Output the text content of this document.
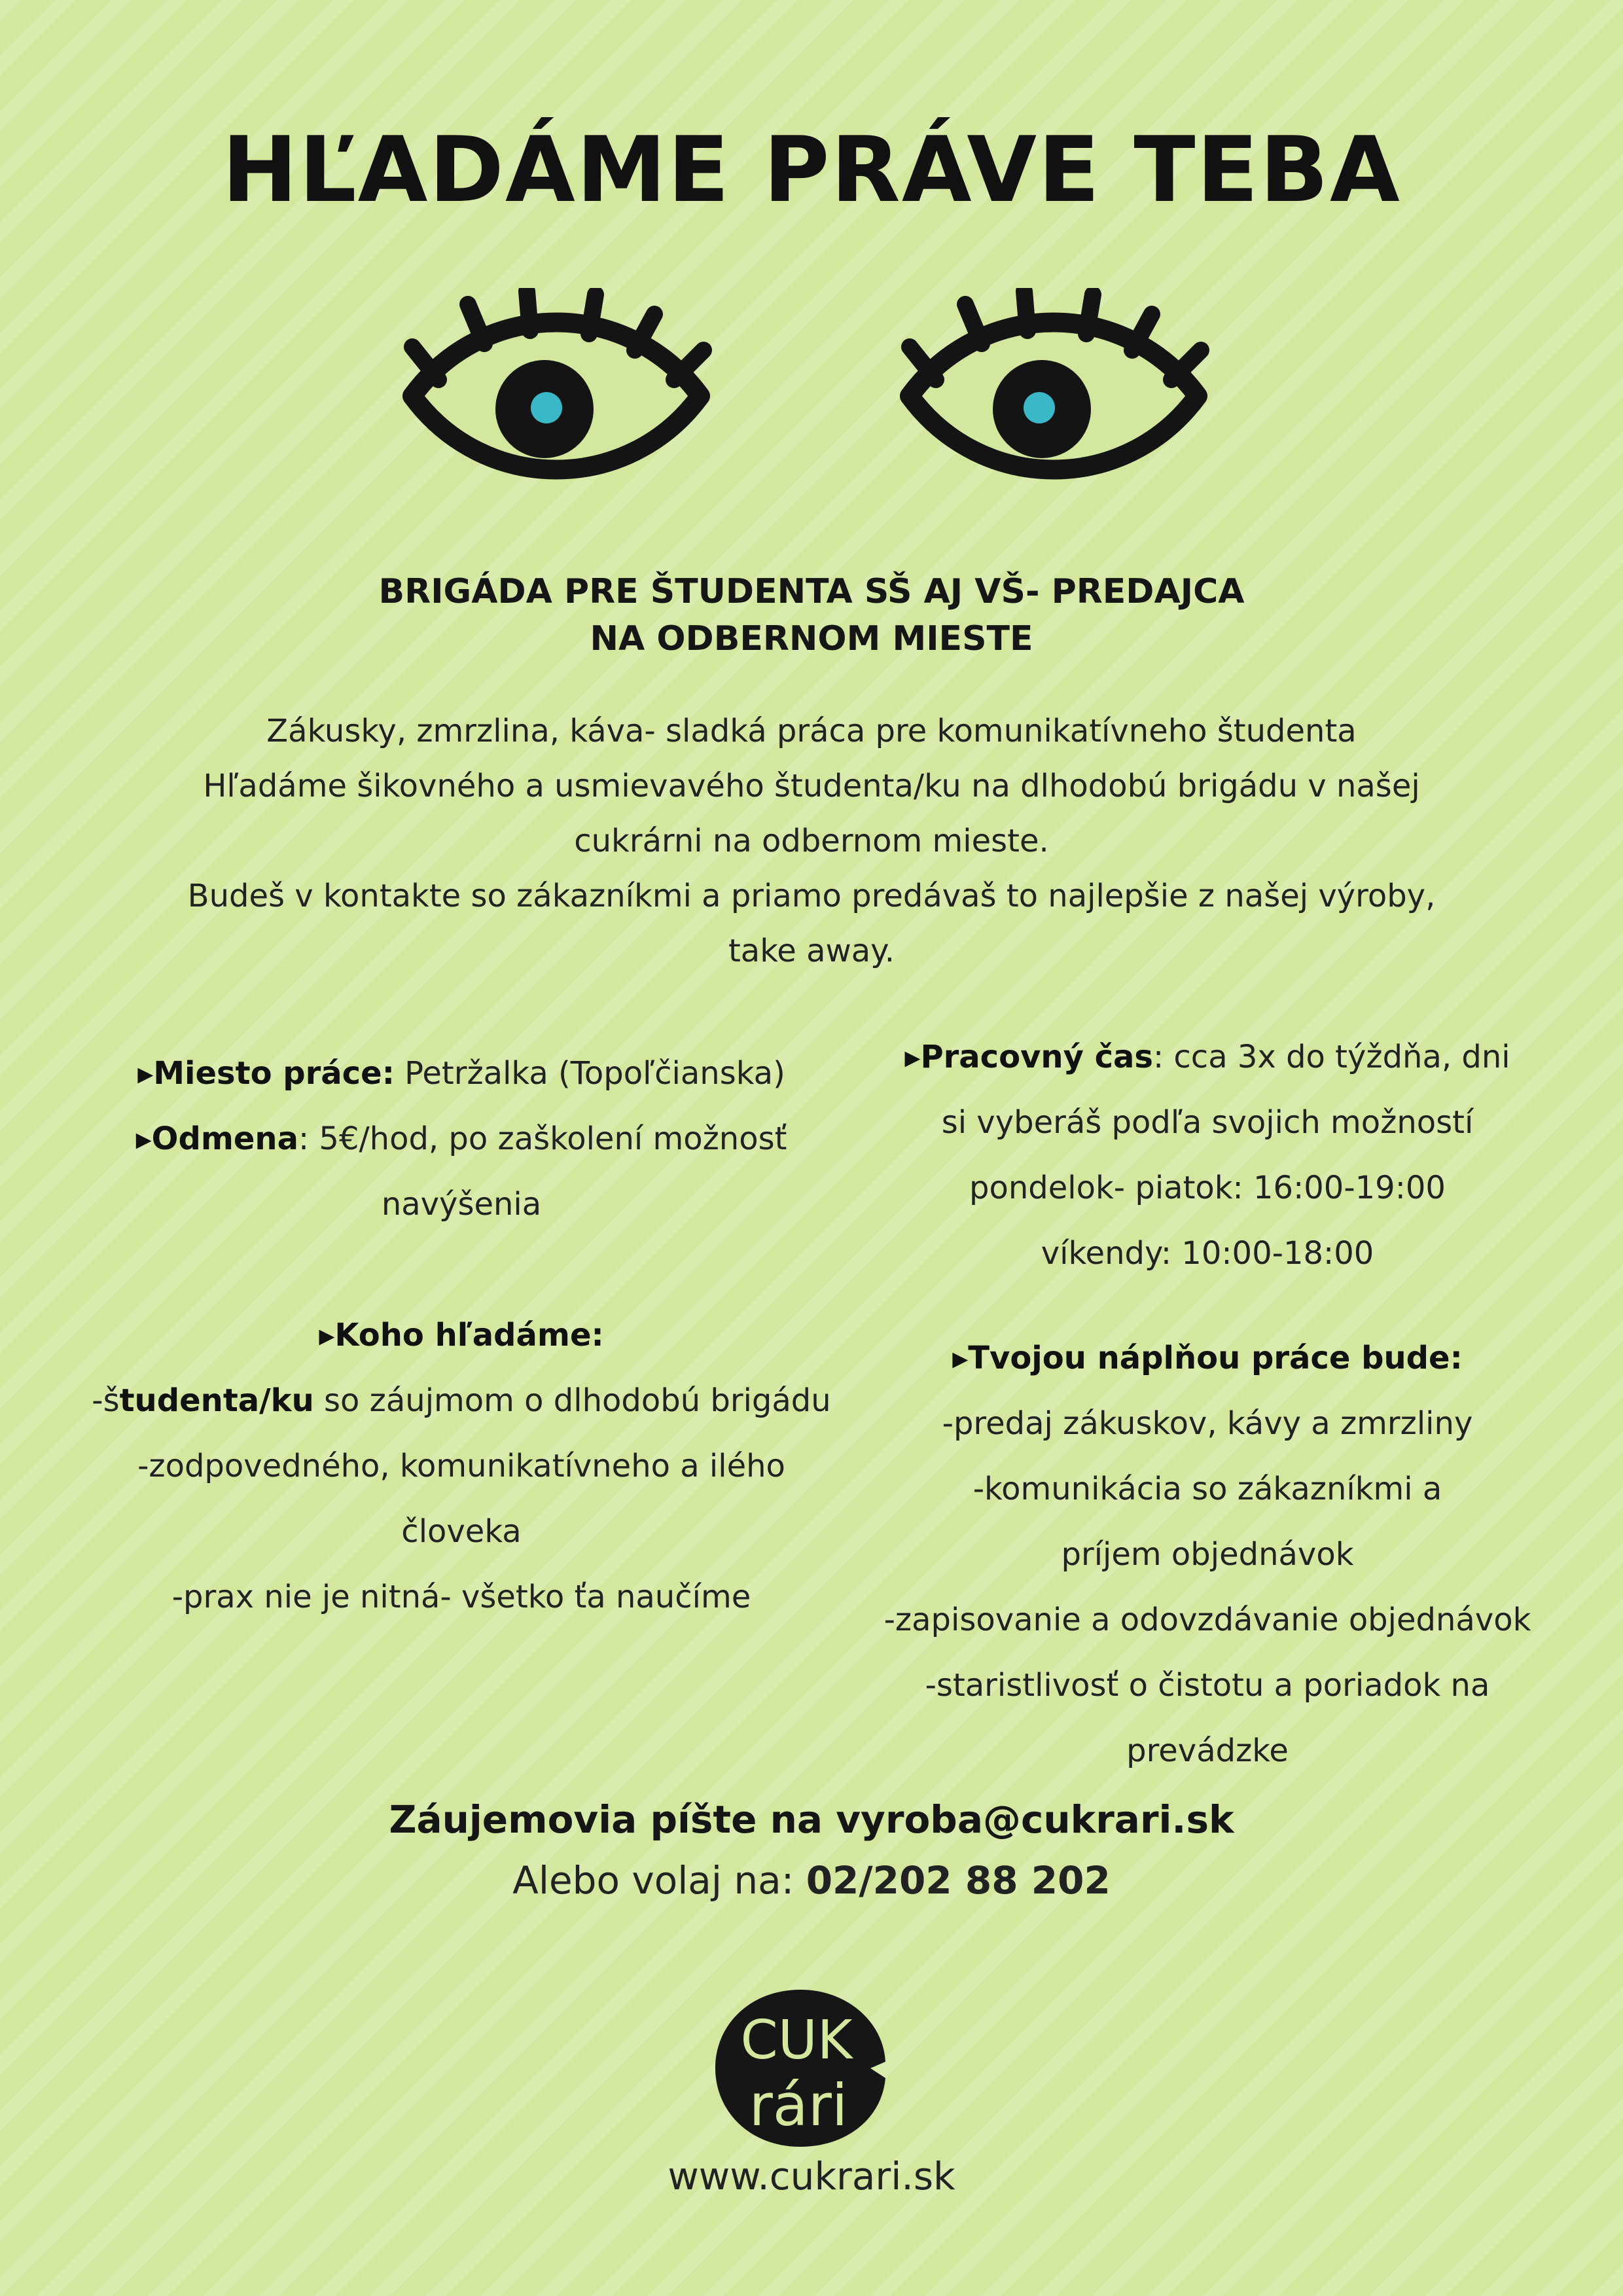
HĽADÁME PRÁVE TEBA
BRIGÁDA PRE ŠTUDENTA SŠ AJ VŠ- PREDAJCA
NA ODBERNOM MIESTE
Zákusky, zmrzlina, káva- sladká práca pre komunikatívneho študenta
Hľadáme šikovného a usmievavého študenta/ku na dlhodobú brigádu v našej
cukrárni na odbernom mieste.
Budeš v kontakte so zákazníkmi a priamo predávaš to najlepšie z našej výroby,
take away.
▸Miesto práce: Petržalka (Topoľčianska)
▸Odmena: 5€/hod, po zaškolení možnosť
navýšenia
▸Koho hľadáme:
-študenta/ku so záujmom o dlhodobú brigádu
-zodpovedného, komunikatívneho a ilého
človeka
-prax nie je nitná- všetko ťa naučíme
▸Pracovný čas: cca 3x do týždňa, dni
si vyberáš podľa svojich možností
pondelok- piatok: 16:00-19:00
víkendy: 10:00-18:00
▸Tvojou náplňou práce bude:
-predaj zákuskov, kávy a zmrzliny
-komunikácia so zákazníkmi a
príjem objednávok
-zapisovanie a odovzdávanie objednávok
-staristlivosť o čistotu a poriadok na
prevádzke
Záujemovia píšte na vyroba@cukrari.sk
Alebo volaj na: 02/202 88 202
CUK
rári
www.cukrari.sk
